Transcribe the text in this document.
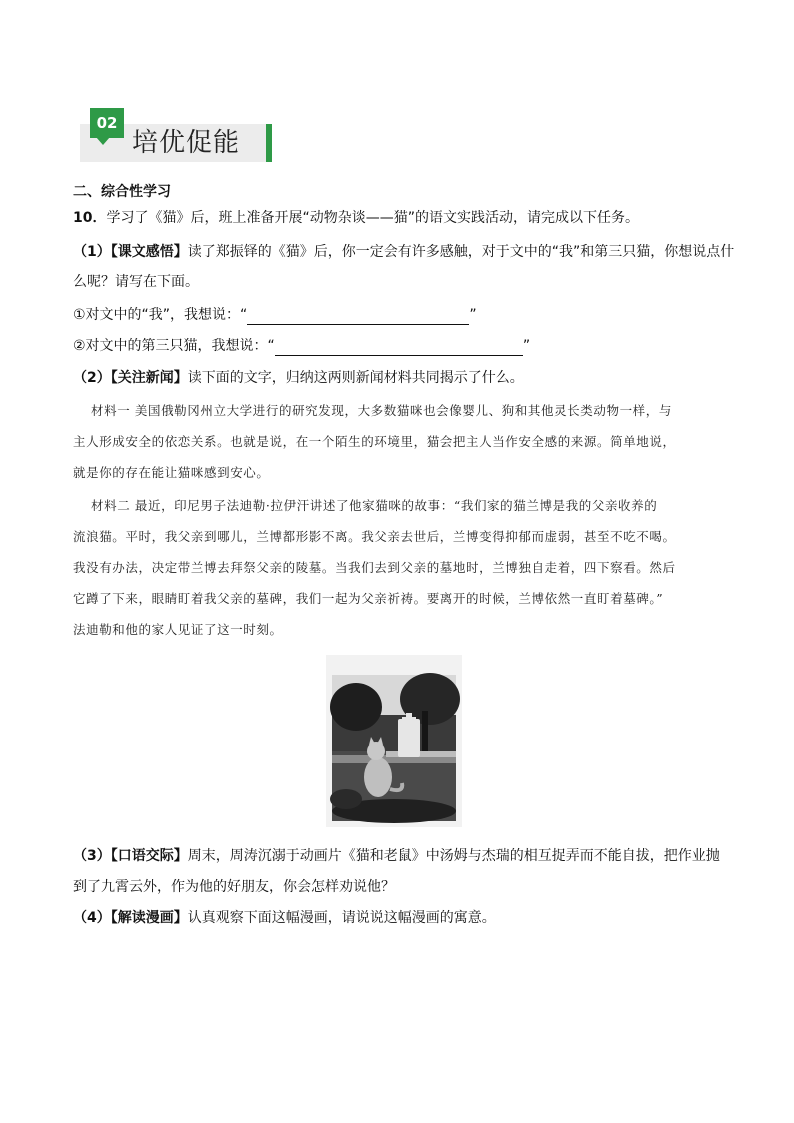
02
培优促能
二、综合性学习
10．学习了《猫》后，班上准备开展“动物杂谈——猫”的语文实践活动，请完成以下任务。
（1）【课文感悟】读了郑振铎的《猫》后，你一定会有许多感触，对于文中的“我”和第三只猫，你想说点什
么呢？请写在下面。
①对文中的“我”，我想说：“	”
②对文中的第三只猫，我想说：“	”
（2）【关注新闻】读下面的文字，归纳这两则新闻材料共同揭示了什么。
材料一 美国俄勒冈州立大学进行的研究发现，大多数猫咪也会像婴儿、狗和其他灵长类动物一样，与
主人形成安全的依恋关系。也就是说，在一个陌生的环境里，猫会把主人当作安全感的来源。简单地说，
就是你的存在能让猫咪感到安心。
材料二 最近，印尼男子法迪勒·拉伊汗讲述了他家猫咪的故事：“我们家的猫兰博是我的父亲收养的
流浪猫。平时，我父亲到哪儿，兰博都形影不离。我父亲去世后，兰博变得抑郁而虚弱，甚至不吃不喝。
我没有办法，决定带兰博去拜祭父亲的陵墓。当我们去到父亲的墓地时，兰博独自走着，四下察看。然后
它蹲了下来，眼睛盯着我父亲的墓碑，我们一起为父亲祈祷。要离开的时候，兰博依然一直盯着墓碑。”
法迪勒和他的家人见证了这一时刻。
（3）【口语交际】周末，周涛沉溺于动画片《猫和老鼠》中汤姆与杰瑞的相互捉弄而不能自拔，把作业抛
到了九霄云外，作为他的好朋友，你会怎样劝说他？
（4）【解读漫画】认真观察下面这幅漫画，请说说这幅漫画的寓意。
